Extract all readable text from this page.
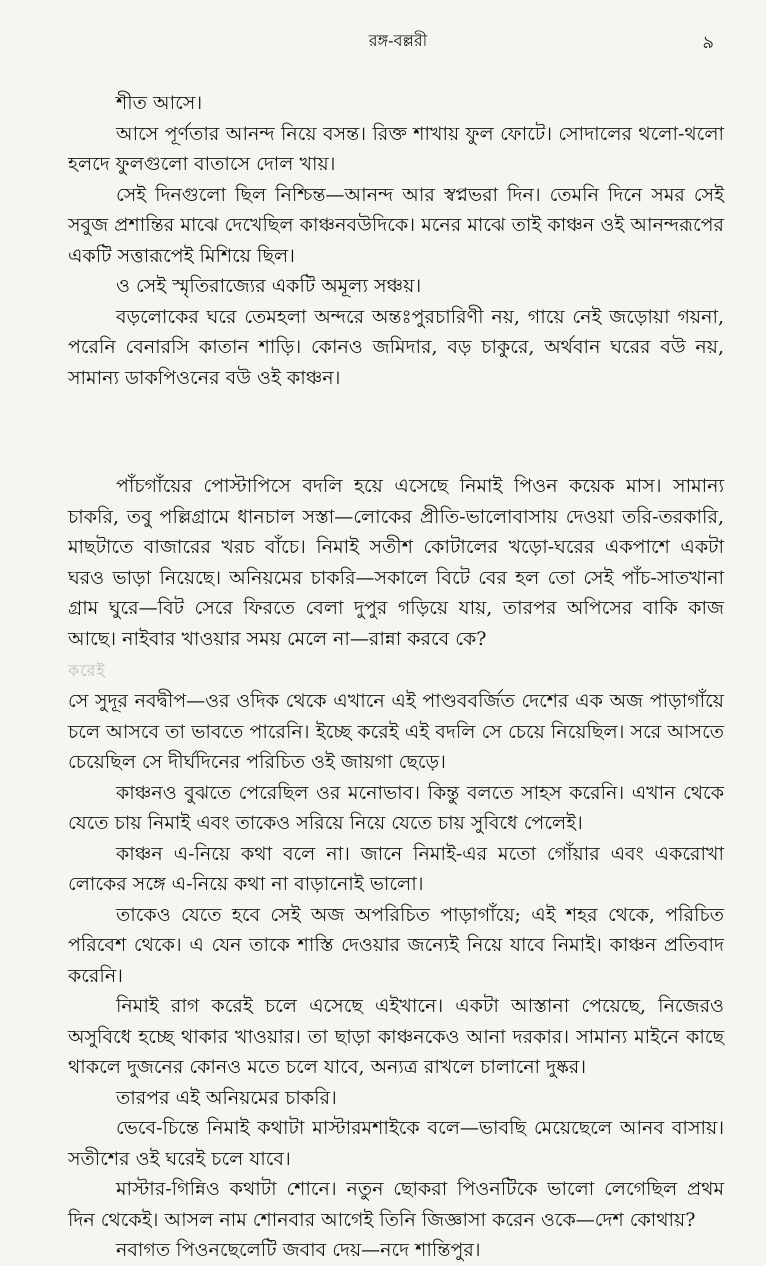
রঙ্গ-বল্লরী	৯

শীত আসে।

আসে পূর্ণতার আনন্দ নিয়ে বসন্ত। রিক্ত শাখায় ফুল ফোটে। সোদালের থলো-থলো হলদে ফুলগুলো বাতাসে দোল খায়।

সেই দিনগুলো ছিল নিশ্চিন্ত—আনন্দ আর স্বপ্নভরা দিন। তেমনি দিনে সমর সেই সবুজ প্রশান্তির মাঝে দেখেছিল কাঞ্চনবউদিকে। মনের মাঝে তাই কাঞ্চন ওই আনন্দরূপের একটি সত্তারূপেই মিশিয়ে ছিল।

ও সেই স্মৃতিরাজ্যের একটি অমূল্য সঞ্চয়।

বড়লোকের ঘরে তেমহলা অন্দরে অন্তঃপুরচারিণী নয়, গায়ে নেই জড়োয়া গয়না, পরেনি বেনারসি কাতান শাড়ি। কোনও জমিদার, বড় চাকুরে, অর্থবান ঘরের বউ নয়, সামান্য ডাকপিওনের বউ ওই কাঞ্চন।

পাঁচগাঁয়ের পোস্টাপিসে বদলি হয়ে এসেছে নিমাই পিওন কয়েক মাস। সামান্য চাকরি, তবু পল্লিগ্রামে ধানচাল সস্তা—লোকের প্রীতি-ভালোবাসায় দেওয়া তরি-তরকারি, মাছটাতে বাজারের খরচ বাঁচে। নিমাই সতীশ কোটালের খড়ো-ঘরের একপাশে একটা ঘরও ভাড়া নিয়েছে। অনিয়মের চাকরি—সকালে বিটে বের হল তো সেই পাঁচ-সাতখানা গ্রাম ঘুরে—বিট সেরে ফিরতে বেলা দুপুর গড়িয়ে যায়, তারপর অপিসের বাকি কাজ আছে। নাইবার খাওয়ার সময় মেলে না—রান্না করবে কে?

করেই

সে সুদূর নবদ্বীপ—ওর ওদিক থেকে এখানে এই পাণ্ডববর্জিত দেশের এক অজ পাড়াগাঁয়ে চলে আসবে তা ভাবতে পারেনি। ইচ্ছে করেই এই বদলি সে চেয়ে নিয়েছিল। সরে আসতে চেয়েছিল সে দীর্ঘদিনের পরিচিত ওই জায়গা ছেড়ে।

কাঞ্চনও বুঝতে পেরেছিল ওর মনোভাব। কিন্তু বলতে সাহস করেনি। এখান থেকে যেতে চায় নিমাই এবং তাকেও সরিয়ে নিয়ে যেতে চায় সুবিধে পেলেই।

কাঞ্চন এ-নিয়ে কথা বলে না। জানে নিমাই-এর মতো গোঁয়ার এবং একরোখা লোকের সঙ্গে এ-নিয়ে কথা না বাড়ানোই ভালো।

তাকেও যেতে হবে সেই অজ অপরিচিত পাড়াগাঁয়ে; এই শহর থেকে, পরিচিত পরিবেশ থেকে। এ যেন তাকে শাস্তি দেওয়ার জন্যেই নিয়ে যাবে নিমাই। কাঞ্চন প্রতিবাদ করেনি।

নিমাই রাগ করেই চলে এসেছে এইখানে। একটা আস্তানা পেয়েছে, নিজেরও অসুবিধে হচ্ছে থাকার খাওয়ার। তা ছাড়া কাঞ্চনকেও আনা দরকার। সামান্য মাইনে কাছে থাকলে দুজনের কোনও মতে চলে যাবে, অন্যত্র রাখলে চালানো দুষ্কর।

তারপর এই অনিয়মের চাকরি।

ভেবে-চিন্তে নিমাই কথাটা মাস্টারমশাইকে বলে—ভাবছি মেয়েছেলে আনব বাসায়। সতীশের ওই ঘরেই চলে যাবে।

মাস্টার-গিন্নিও কথাটা শোনে। নতুন ছোকরা পিওনটিকে ভালো লেগেছিল প্রথম দিন থেকেই। আসল নাম শোনবার আগেই তিনি জিজ্ঞাসা করেন ওকে—দেশ কোথায়?

নবাগত পিওনছেলেটি জবাব দেয়—নদে শান্তিপুর।
